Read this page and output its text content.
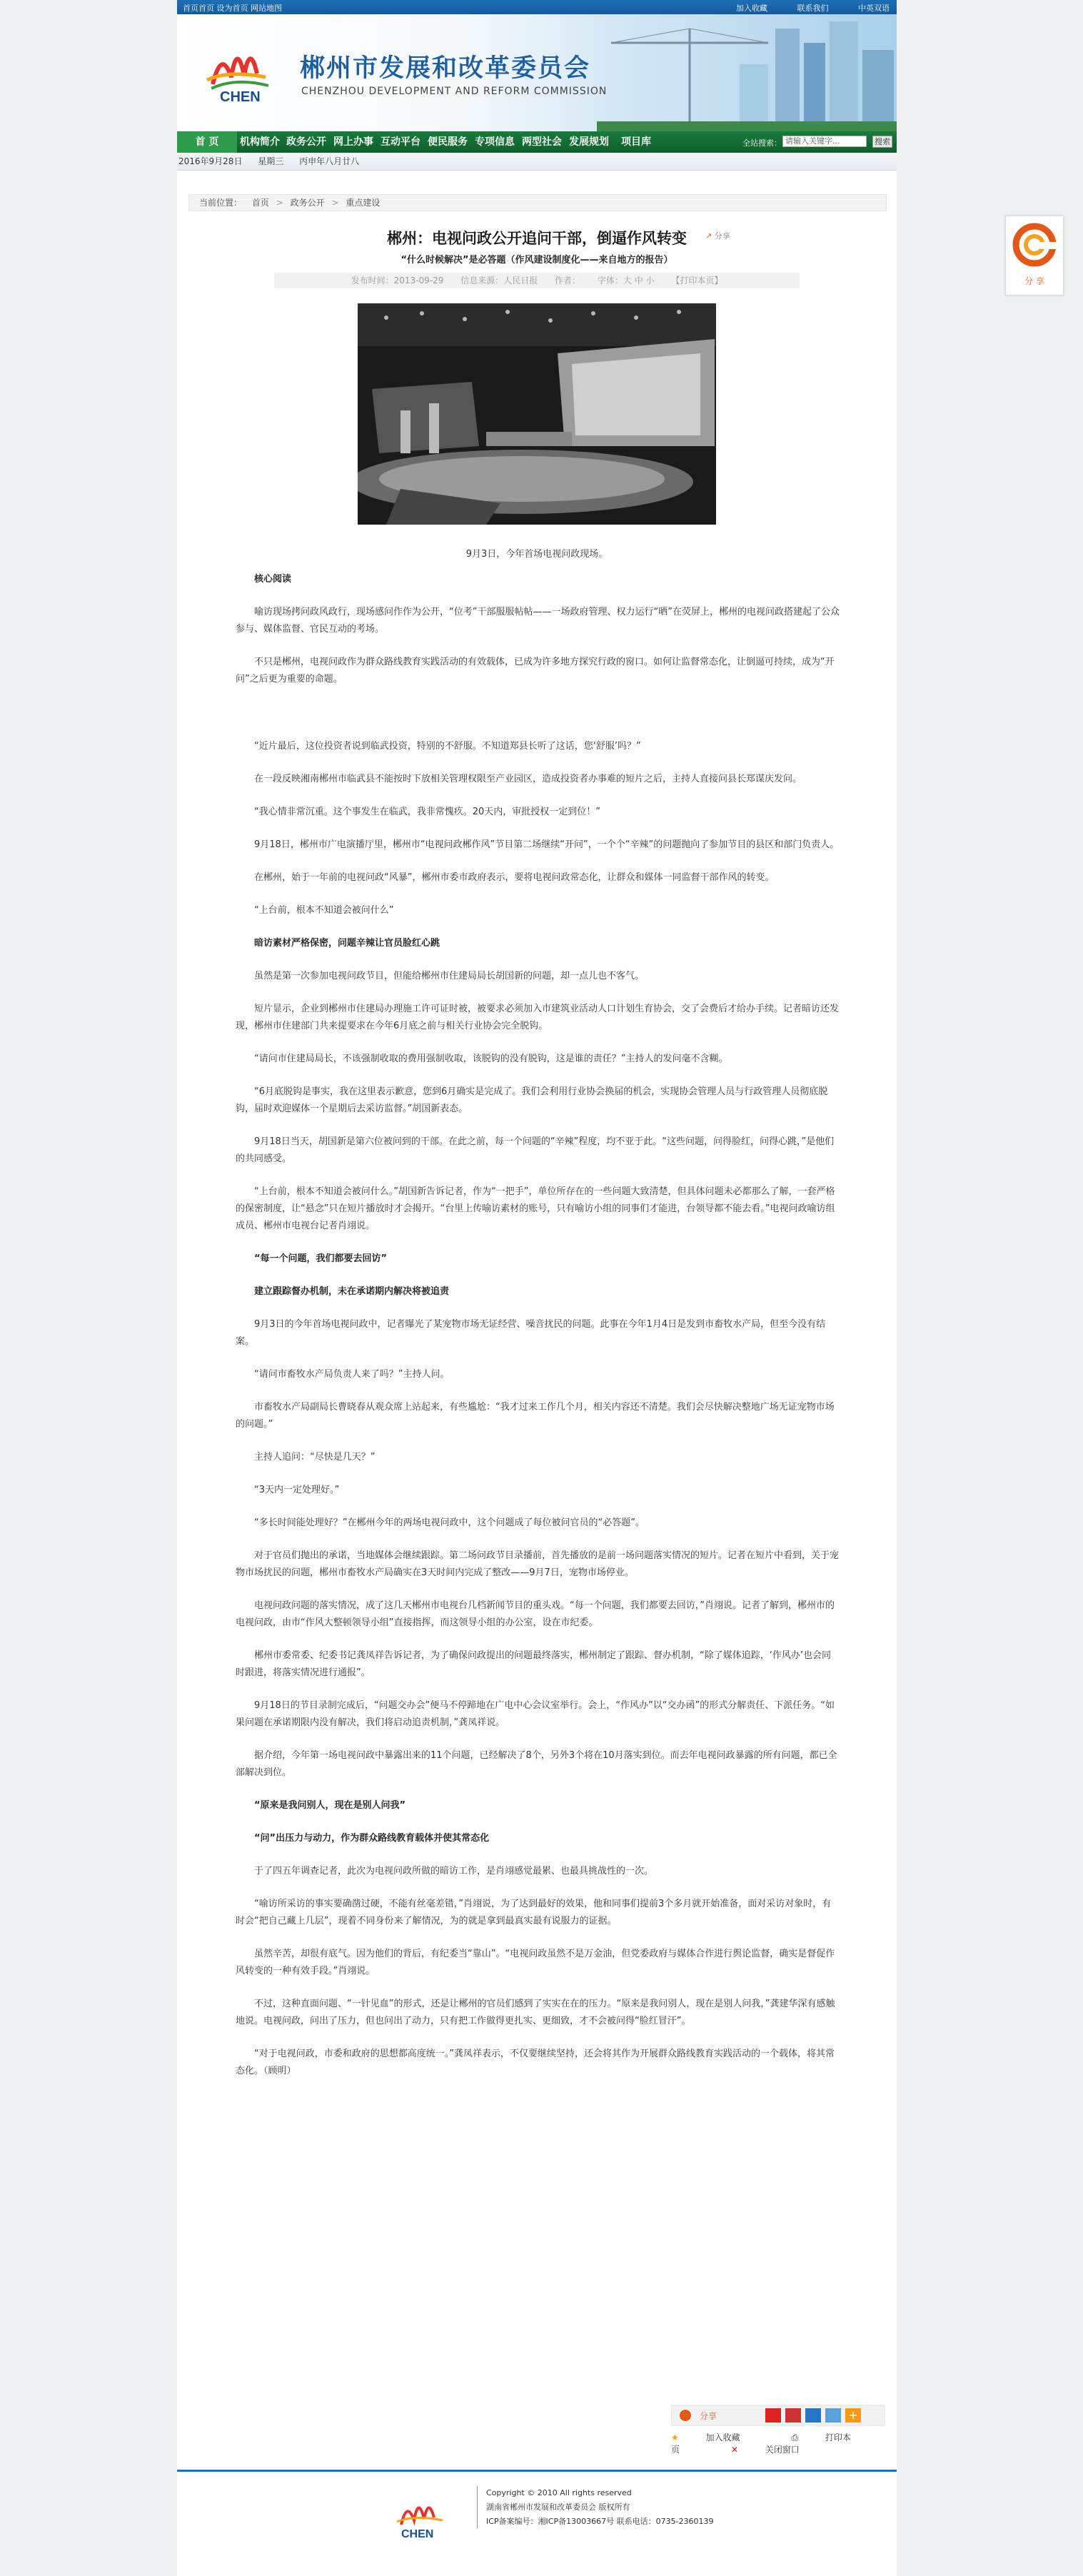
首页首页 设为首页 网站地图	加入收藏	联系我们	中英双语
CHEN
郴州市发展和改革委员会
CHENZHOU DEVELOPMENT AND REFORM COMMISSION
首 页	机构简介 政务公开 网上办事 互动平台 便民服务 专项信息 两型社会 发展规划	项目库	全站搜索： 请输入关键字...	搜索
2016年9月28日 星期三 丙申年八月廿八
当前位置： 首页 > 政务公开 > 重点建设
郴州：电视问政公开追问干部，倒逼作风转变	↗ 分享
“什么时候解决”是必答题（作风建设制度化——来自地方的报告）
发布时间：2013-09-29 信息来源：人民日报 作者： 字体：大 中 小 【打印本页】
9月3日，今年首场电视问政现场。

核心阅读

喻访现场拷问政风政行，现场感问作作为公开，“位考”干部服服帖帖——一场政府管理、权力运行“晒”在荧屏上，郴州的电视问政搭建起了公众参与、媒体监督、官民互动的考场。

不只是郴州，电视问政作为群众路线教育实践活动的有效载体，已成为许多地方探究行政的窗口。如何让监督常态化，让倒逼可持续，成为“开问”之后更为重要的命题。

“近片最后，这位投资者说到临武投资，特别的不舒服。不知道郑县长听了这话，您‘舒服’吗？”

在一段反映湘南郴州市临武县不能按时下放相关管理权限至产业园区，造成投资者办事难的短片之后，主持人直接问县长郑谋庆发问。

“我心情非常沉重。这个事发生在临武，我非常愧疚。20天内，审批授权一定到位！”

9月18日，郴州市广电演播厅里，郴州市“电视问政郴作风”节目第二场继续“开问”，一个个“辛辣”的问题抛向了参加节目的县区和部门负责人。

在郴州，始于一年前的电视问政“风暴”，郴州市委市政府表示，要将电视问政常态化，让群众和媒体一同监督干部作风的转变。

“上台前，根本不知道会被问什么”

暗访素材严格保密，问题辛辣让官员脸红心跳

虽然是第一次参加电视问政节目，但能给郴州市住建局局长胡国新的问题，却一点儿也不客气。

短片显示，企业到郴州市住建局办理施工许可证时被，被要求必须加入市建筑业活动人口计划生育协会，交了会费后才给办手续。记者暗访还发现，郴州市住建部门共来提要求在今年6月底之前与相关行业协会完全脱钩。

“请问市住建局局长，不该强制收取的费用强制收取，该脱钩的没有脱钩，这是谁的责任？”主持人的发问毫不含糊。

“6月底脱钩是事实，我在这里表示歉意，您到6月确实是完成了。我们会利用行业协会换届的机会，实现协会管理人员与行政管理人员彻底脱钩，届时欢迎媒体一个星期后去采访监督。”胡国新表态。

9月18日当天，胡国新是第六位被问到的干部。在此之前，每一个问题的“辛辣”程度，均不亚于此。“这些问题，问得脸红，问得心跳，”是他们的共同感受。

“上台前，根本不知道会被问什么。”胡国新告诉记者，作为“一把手”，单位所存在的一些问题大致清楚，但具体问题未必都那么了解，一套严格的保密制度，让“悬念”只在短片播放时才会揭开。“台里上传喻访素材的账号，只有喻访小组的同事们才能进，台领导都不能去看。”电视问政喻访组成员、郴州市电视台记者肖翊说。

“每一个问题，我们都要去回访”

建立跟踪督办机制，未在承诺期内解决将被追责

9月3日的今年首场电视问政中，记者曝光了某宠物市场无证经营、噪音扰民的问题。此事在今年1月4日是发到市畜牧水产局，但至今没有结案。

“请问市畜牧水产局负责人来了吗？”主持人问。

市畜牧水产局副局长曹晓春从观众席上站起来，有些尴尬：“我才过来工作几个月，相关内容还不清楚。我们会尽快解决整地广场无证宠物市场的问题。”

主持人追问：“尽快是几天？”

“3天内一定处理好。”

“多长时间能处理好？”在郴州今年的两场电视问政中，这个问题成了每位被问官员的“必答题”。

对于官员们抛出的承诺，当地媒体会继续跟踪。第二场问政节目录播前，首先播放的是前一场问题落实情况的短片。记者在短片中看到，关于宠物市场扰民的问题，郴州市畜牧水产局确实在3天时间内完成了整改——9月7日，宠物市场停业。

电视问政问题的落实情况，成了这几天郴州市电视台几档新闻节目的重头戏。“每一个问题，我们都要去回访，”肖翊说。记者了解到，郴州市的电视问政，由市“作风大整顿领导小组”直接指挥，而这领导小组的办公室，设在市纪委。

郴州市委常委、纪委书记龚凤祥告诉记者，为了确保问政提出的问题最终落实，郴州制定了跟踪、督办机制，“除了媒体追踪，‘作风办’也会同时跟进，将落实情况进行通报”。

9月18日的节目录制完成后，“问题交办会”便马不停蹄地在广电中心会议室举行。会上，“作风办”以“交办函”的形式分解责任、下派任务。“如果问题在承诺期限内没有解决，我们将启动追责机制，”龚凤祥说。

据介绍，今年第一场电视问政中暴露出来的11个问题，已经解决了8个，另外3个将在10月落实到位。而去年电视问政暴露的所有问题，都已全部解决到位。

“原来是我问别人，现在是别人问我”

“问”出压力与动力，作为群众路线教育载体并使其常态化

于了四五年调查记者，此次为电视问政所做的暗访工作，是肖翊感觉最累、也最具挑战性的一次。

“喻访所采访的事实要确凿过硬，不能有丝毫差错，”肖翊说，为了达到最好的效果，他和同事们提前3个多月就开始准备，面对采访对象时，有时会“把自己藏上几层”，现着不同身份来了解情况，为的就是拿到最真实最有说服力的证据。

虽然辛苦，却很有底气。因为他们的背后，有纪委当“靠山”。“电视问政虽然不是万金油，但党委政府与媒体合作进行舆论监督，确实是督促作风转变的一种有效手段。”肖翊说。

不过，这种直面问题、“一针见血”的形式，还是让郴州的官员们感到了实实在在的压力。“原来是我问别人，现在是别人问我，”龚建华深有感触地说。电视问政，问出了压力，但也问出了动力，只有把工作做得更扎实、更细致，才不会被问得“脸红冒汗”。

“对于电视问政，市委和政府的思想都高度统一。”龚凤祥表示，不仅要继续坚持，还会将其作为开展群众路线教育实践活动的一个载体，将其常态化。（顾明）

分享	+
★	加入收藏	⎙	打印本页	✕	关闭窗口
CHEN
Copyright © 2010 All rights reserved
湖南省郴州市发展和改革委员会 版权所有
ICP备案编号：湘ICP备13003667号 联系电话：0735-2360139
分 享
